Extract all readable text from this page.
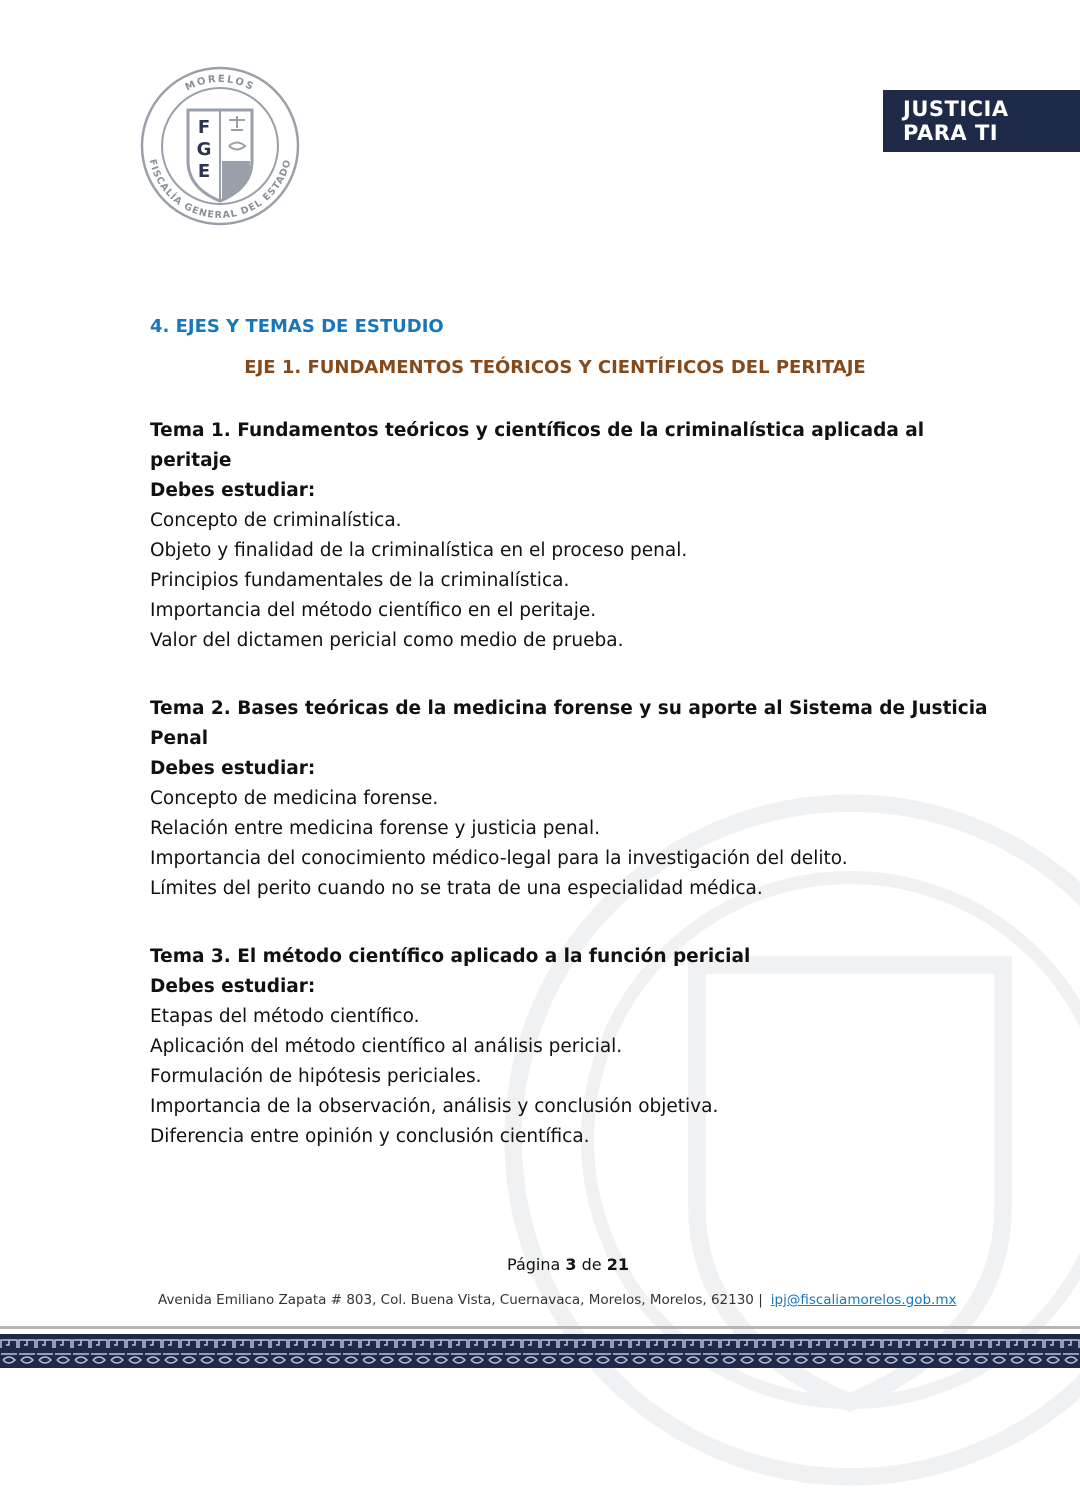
F
G
E
MORELOS
FISCALÍA GENERAL DEL ESTADO
JUSTICIA
PARA TI
4. EJES Y TEMAS DE ESTUDIO
EJE 1. FUNDAMENTOS TEÓRICOS Y CIENTÍFICOS DEL PERITAJE

Tema 1. Fundamentos teóricos y científicos de la criminalística aplicada al peritaje

Debes estudiar:

Concepto de criminalística.

Objeto y finalidad de la criminalística en el proceso penal.

Principios fundamentales de la criminalística.

Importancia del método científico en el peritaje.

Valor del dictamen pericial como medio de prueba.

Tema 2. Bases teóricas de la medicina forense y su aporte al Sistema de Justicia Penal

Debes estudiar:

Concepto de medicina forense.

Relación entre medicina forense y justicia penal.

Importancia del conocimiento médico-legal para la investigación del delito.

Límites del perito cuando no se trata de una especialidad médica.

Tema 3. El método científico aplicado a la función pericial

Debes estudiar:

Etapas del método científico.

Aplicación del método científico al análisis pericial.

Formulación de hipótesis periciales.

Importancia de la observación, análisis y conclusión objetiva.

Diferencia entre opinión y conclusión científica.

Página 3 de 21
Avenida Emiliano Zapata # 803, Col. Buena Vista, Cuernavaca, Morelos, Morelos, 62130 | ipj@fiscaliamorelos.gob.mx
